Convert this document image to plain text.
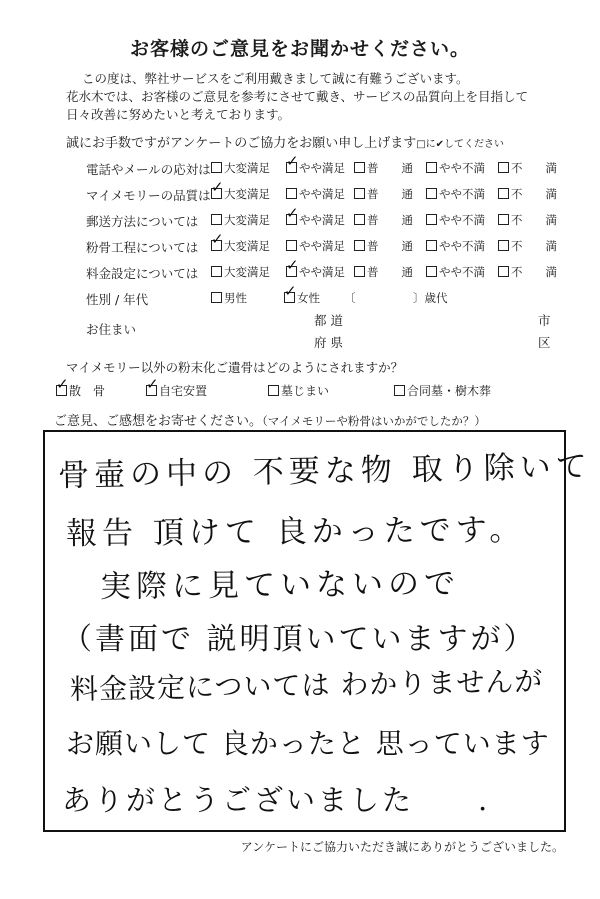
お客様のご意見をお聞かせください。

この度は、弊社サービスをご利用戴きまして誠に有難うございます。

花水木では、お客様のご意見を参考にさせて戴き、サービスの品質向上を目指して

日々改善に努めたいと考えております。

誠にお手数ですがアンケートのご協力をお願い申し上げます□に✔してください
電話やメールの応対は	大変満足 ✓	やや満足	普　　通	やや不満	不　　満
マイメモリーの品質は ✓	大変満足	やや満足	普　　通	やや不満	不　　満
郵送方法については	大変満足 ✓	やや満足	普　　通	やや不満	不　　満
粉骨工程については ✓	大変満足	やや満足	普　　通	やや不満	不　　満
料金設定については	大変満足 ✓	やや満足	普　　通	やや不満	不　　満
性別 / 年代	男性 ✓	女性 〔　　　　　〕歳代
お住まい
都 道
府 県
市
区
マイメモリー以外の粉末化ご遺骨はどのようにされますか？
✓散　骨 ✓	自宅安置	墓じまい	合同墓・樹木葬
ご意見、ご感想をお寄せください。（マイメモリーや粉骨はいかがでしたか？）
骨壷の中の 不要な物 取り除いて
報告 頂けて 良かったです。
実際に見ていないので
（書面で 説明頂いていますが）
料金設定については わかりませんが
お願いして 良かったと 思っています
ありがとうございました　　.
アンケートにご協力いただき誠にありがとうございました。
